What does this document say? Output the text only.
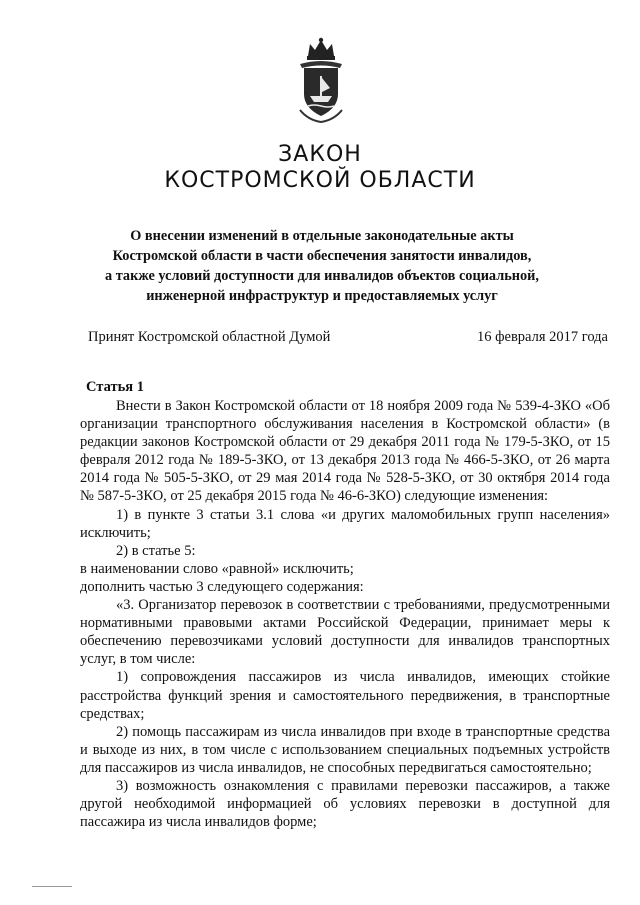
ЗАКОН
КОСТРОМСКОЙ ОБЛАСТИ
О внесении изменений в отдельные законодательные акты
Костромской области в части обеспечения занятости инвалидов,
а также условий доступности для инвалидов объектов социальной,
инженерной инфраструктур и предоставляемых услуг
Принят Костромской областной Думой	16 февраля 2017 года
Статья 1

Внести в Закон Костромской области от 18 ноября 2009 года № 539-4-ЗКО «Об организации транспортного обслуживания населения в Костромской области» (в редакции законов Костромской области от 29 декабря 2011 года № 179-5-ЗКО, от 15 февраля 2012 года № 189-5-ЗКО, от 13 декабря 2013 года № 466-5-ЗКО, от 26 марта 2014 года № 505-5-ЗКО, от 29 мая 2014 года № 528-5-ЗКО, от 30 октября 2014 года № 587-5-ЗКО, от 25 декабря 2015 года № 46-6-ЗКО) следующие изменения:

1) в пункте 3 статьи 3.1 слова «и других маломобильных групп населения» исключить;

2) в статье 5:

в наименовании слово «равной» исключить;

дополнить частью 3 следующего содержания:

«3. Организатор перевозок в соответствии с требованиями, предусмотренными нормативными правовыми актами Российской Федерации, принимает меры к обеспечению перевозчиками условий доступности для инвалидов транспортных услуг, в том числе:

1) сопровождения пассажиров из числа инвалидов, имеющих стойкие расстройства функций зрения и самостоятельного передвижения, в транспортные средствах;

2) помощь пассажирам из числа инвалидов при входе в транспортные средства и выходе из них, в том числе с использованием специальных подъемных устройств для пассажиров из числа инвалидов, не способных передвигаться самостоятельно;

3) возможность ознакомления с правилами перевозки пассажиров, а также другой необходимой информацией об условиях перевозки в доступной для пассажира из числа инвалидов форме;
